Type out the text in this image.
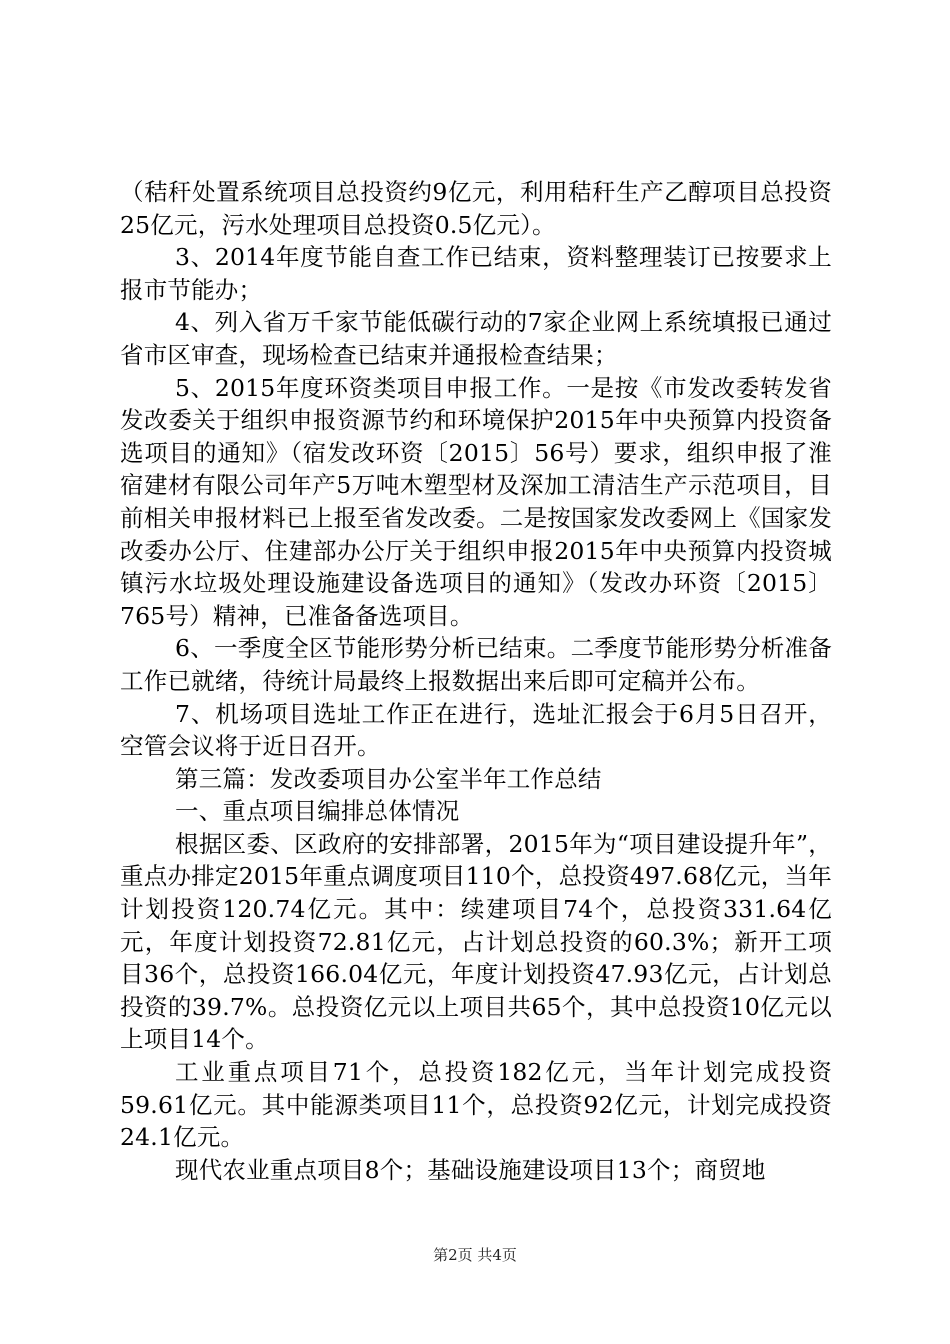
（秸秆处置系统项目总投资约9亿元，利用秸秆生产乙醇项目总投资25亿元，污水处理项目总投资0.5亿元）。

3、2014年度节能自查工作已结束，资料整理装订已按要求上报市节能办；

4、列入省万千家节能低碳行动的7家企业网上系统填报已通过省市区审查，现场检查已结束并通报检查结果；

5、2015年度环资类项目申报工作。一是按《市发改委转发省发改委关于组织申报资源节约和环境保护2015年中央预算内投资备选项目的通知》（宿发改环资〔2015〕56号）要求，组织申报了淮宿建材有限公司年产5万吨木塑型材及深加工清洁生产示范项目，目前相关申报材料已上报至省发改委。二是按国家发改委网上《国家发改委办公厅、住建部办公厅关于组织申报2015年中央预算内投资城镇污水垃圾处理设施建设备选项目的通知》（发改办环资〔2015〕765号）精神，已准备备选项目。

6、一季度全区节能形势分析已结束。二季度节能形势分析准备工作已就绪，待统计局最终上报数据出来后即可定稿并公布。

7、机场项目选址工作正在进行，选址汇报会于6月5日召开，空管会议将于近日召开。

第三篇：发改委项目办公室半年工作总结

一、重点项目编排总体情况

根据区委、区政府的安排部署，2015年为“项目建设提升年”，重点办排定2015年重点调度项目110个，总投资497.68亿元，当年计划投资120.74亿元。其中：续建项目74个，总投资331.64亿元，年度计划投资72.81亿元，占计划总投资的60.3%；新开工项目36个，总投资166.04亿元，年度计划投资47.93亿元，占计划总投资的39.7%。总投资亿元以上项目共65个，其中总投资10亿元以上项目14个。

工业重点项目71个，总投资182亿元，当年计划完成投资59.61亿元。其中能源类项目11个，总投资92亿元，计划完成投资24.1亿元。

现代农业重点项目8个；基础设施建设项目13个；商贸地

第2页 共4页
